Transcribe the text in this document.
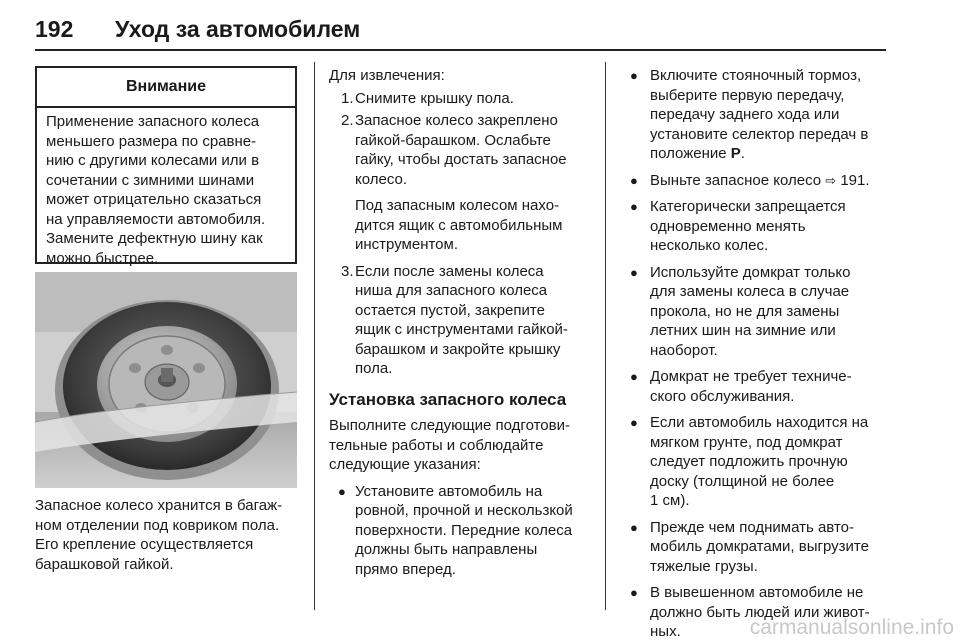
192 Уход за автомобилем
Внимание
Применение запасного колеса
меньшего размера по сравне-
нию с другими колесами или в
сочетании с зимними шинами
может отрицательно сказаться
на управляемости автомобиля.
Замените дефектную шину как
можно быстрее.
Запасное колесо хранится в багаж-
ном отделении под ковриком пола.
Его крепление осуществляется
барашковой гайкой.

Для извлечения:

1. Снимите крышку пола.
2. Запасное колесо закреплено
гайкой-барашком. Ослабьте
гайку, чтобы достать запасное
колесо.
Под запасным колесом нахо-
дится ящик с автомобильным
инструментом.
3. Если после замены колеса
ниша для запасного колеса
остается пустой, закрепите
ящик с инструментами гайкой-
барашком и закройте крышку
пола.
Установка запасного колеса
Выполните следующие подготови-
тельные работы и соблюдайте
следующие указания:
● Установите автомобиль на
ровной, прочной и нескользкой
поверхности. Передние колеса
должны быть направлены
прямо вперед.
● Включите стояночный тормоз,
выберите первую передачу,
передачу заднего хода или
установите селектор передач в
положение P.
● Выньте запасное колесо ⇨ 191.
● Категорически запрещается
одновременно менять
несколько колес.
● Используйте домкрат только
для замены колеса в случае
прокола, но не для замены
летних шин на зимние или
наоборот.
● Домкрат не требует техниче-
ского обслуживания.
● Если автомобиль находится на
мягком грунте, под домкрат
следует подложить прочную
доску (толщиной не более
1 см).
● Прежде чем поднимать авто-
мобиль домкратами, выгрузите
тяжелые грузы.
● В вывешенном автомобиле не
должно быть людей или живот-
ных.	carmanualsonline.info
